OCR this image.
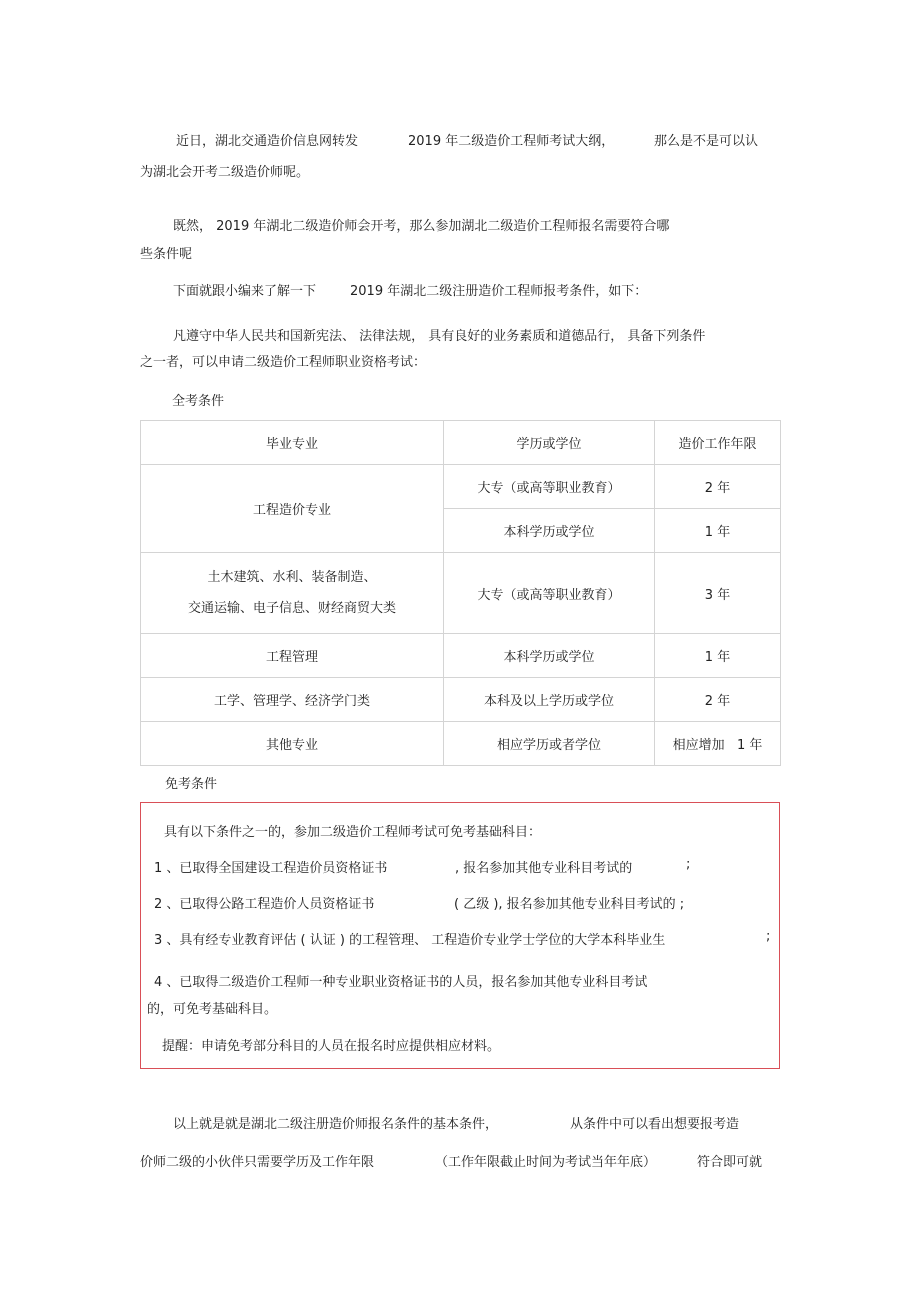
近日，湖北交通造价信息网转发	2019 年二级造价工程师考试大纲，	那么是不是可以认
为湖北会开考二级造价师呢。
既然， 2019 年湖北二级造价师会开考，那么参加湖北二级造价工程师报名需要符合哪
些条件呢
下面就跟小编来了解一下	2019 年湖北二级注册造价工程师报考条件，如下：
凡遵守中华人民共和国新宪法、 法律法规， 具有良好的业务素质和道德品行， 具备下列条件
之一者，可以申请二级造价工程师职业资格考试：
全考条件
毕业专业	学历或学位	造价工作年限
工程造价专业	大专（或高等职业教育）	2 年
	本科学历或学位	1 年

土木建筑、水利、装备制造、
交通运输、电子信息、财经商贸大类	大专（或高等职业教育）	3 年
工程管理	本科学历或学位	1 年
工学、管理学、经济学门类	本科及以上学历或学位	2 年
其他专业	相应学历或者学位	相应增加   1 年
免考条件
具有以下条件之一的，参加二级造价工程师考试可免考基础科目：
1 、已取得全国建设工程造价员资格证书	, 报名参加其他专业科目考试的	;
2 、已取得公路工程造价人员资格证书	( 乙级 ), 报名参加其他专业科目考试的 ;
3 、具有经专业教育评估 ( 认证 ) 的工程管理、 工程造价专业学士学位的大学本科毕业生	;
4 、已取得二级造价工程师一种专业职业资格证书的人员，报名参加其他专业科目考试
的，可免考基础科目。
提醒：申请免考部分科目的人员在报名时应提供相应材料。
以上就是就是湖北二级注册造价师报名条件的基本条件，	从条件中可以看出想要报考造
价师二级的小伙伴只需要学历及工作年限	（工作年限截止时间为考试当年年底）	符合即可就
